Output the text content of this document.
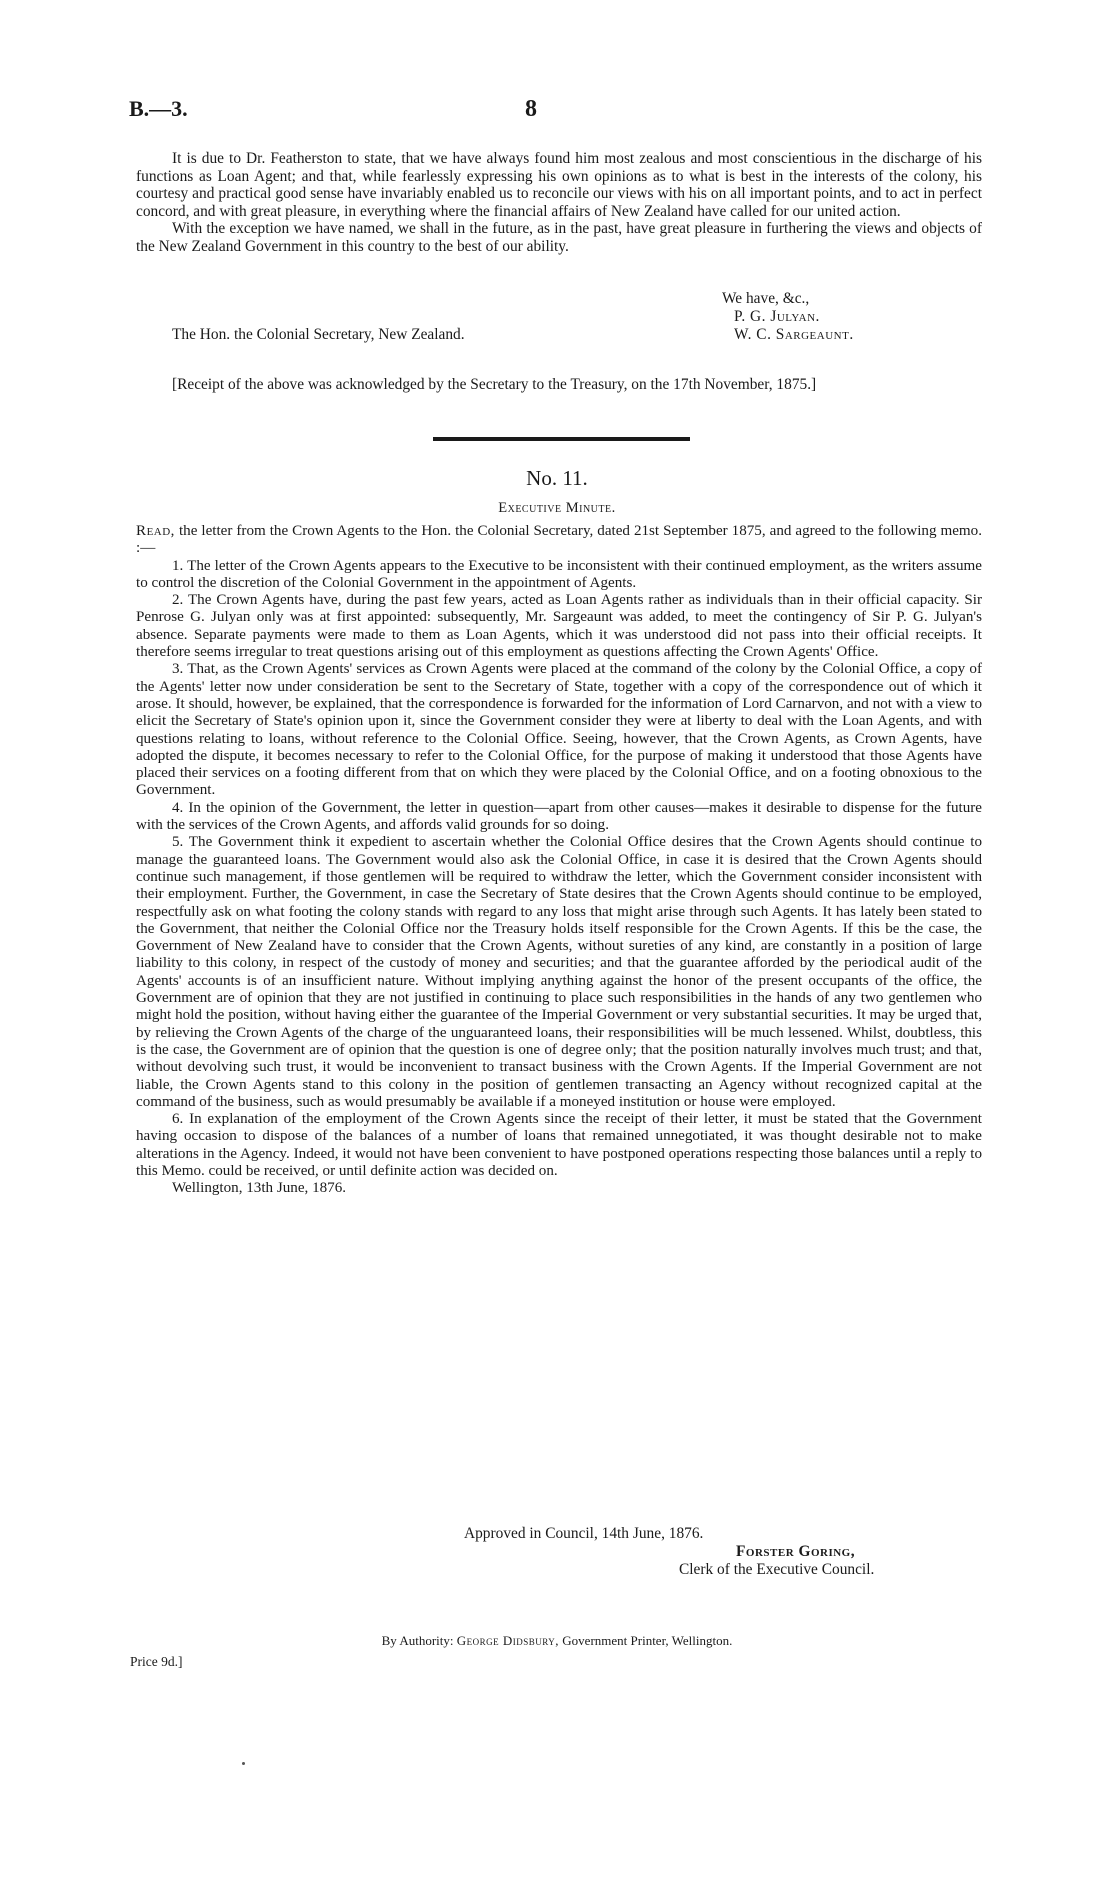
B.—3.	8

It is due to Dr. Featherston to state, that we have always found him most zealous and most conscientious in the discharge of his functions as Loan Agent; and that, while fearlessly expressing his own opinions as to what is best in the interests of the colony, his courtesy and practical good sense have invariably enabled us to reconcile our views with his on all important points, and to act in perfect concord, and with great pleasure, in everything where the financial affairs of New Zealand have called for our united action.

With the exception we have named, we shall in the future, as in the past, have great pleasure in furthering the views and objects of the New Zealand Government in this country to the best of our ability.

We have, &c.,
P. G. Julyan.
W. C. Sargeaunt.
The Hon. the Colonial Secretary, New Zealand.

[Receipt of the above was acknowledged by the Secretary to the Treasury, on the 17th November, 1875.]

No. 11.
Executive Minute.

Read, the letter from the Crown Agents to the Hon. the Colonial Secretary, dated 21st September 1875, and agreed to the following memo. :—

1. The letter of the Crown Agents appears to the Executive to be inconsistent with their continued employment, as the writers assume to control the discretion of the Colonial Government in the appointment of Agents.

2. The Crown Agents have, during the past few years, acted as Loan Agents rather as individuals than in their official capacity. Sir Penrose G. Julyan only was at first appointed: subsequently, Mr. Sargeaunt was added, to meet the contingency of Sir P. G. Julyan's absence. Separate payments were made to them as Loan Agents, which it was understood did not pass into their official receipts. It therefore seems irregular to treat questions arising out of this employment as questions affecting the Crown Agents' Office.

3. That, as the Crown Agents' services as Crown Agents were placed at the command of the colony by the Colonial Office, a copy of the Agents' letter now under consideration be sent to the Secretary of State, together with a copy of the correspondence out of which it arose. It should, however, be explained, that the correspondence is forwarded for the information of Lord Carnarvon, and not with a view to elicit the Secretary of State's opinion upon it, since the Government consider they were at liberty to deal with the Loan Agents, and with questions relating to loans, without reference to the Colonial Office. Seeing, however, that the Crown Agents, as Crown Agents, have adopted the dispute, it becomes necessary to refer to the Colonial Office, for the purpose of making it understood that those Agents have placed their services on a footing different from that on which they were placed by the Colonial Office, and on a footing obnoxious to the Government.

4. In the opinion of the Government, the letter in question—apart from other causes—makes it desirable to dispense for the future with the services of the Crown Agents, and affords valid grounds for so doing.

5. The Government think it expedient to ascertain whether the Colonial Office desires that the Crown Agents should continue to manage the guaranteed loans. The Government would also ask the Colonial Office, in case it is desired that the Crown Agents should continue such management, if those gentlemen will be required to withdraw the letter, which the Government consider inconsistent with their employment. Further, the Government, in case the Secretary of State desires that the Crown Agents should continue to be employed, respectfully ask on what footing the colony stands with regard to any loss that might arise through such Agents. It has lately been stated to the Government, that neither the Colonial Office nor the Treasury holds itself responsible for the Crown Agents. If this be the case, the Government of New Zealand have to consider that the Crown Agents, without sureties of any kind, are constantly in a position of large liability to this colony, in respect of the custody of money and securities; and that the guarantee afforded by the periodical audit of the Agents' accounts is of an insufficient nature. Without implying anything against the honor of the present occupants of the office, the Government are of opinion that they are not justified in continuing to place such responsibilities in the hands of any two gentlemen who might hold the position, without having either the guarantee of the Imperial Government or very substantial securities. It may be urged that, by relieving the Crown Agents of the charge of the unguaranteed loans, their responsibilities will be much lessened. Whilst, doubtless, this is the case, the Government are of opinion that the question is one of degree only; that the position naturally involves much trust; and that, without devolving such trust, it would be inconvenient to transact business with the Crown Agents. If the Imperial Government are not liable, the Crown Agents stand to this colony in the position of gentlemen transacting an Agency without recognized capital at the command of the business, such as would presumably be available if a moneyed institution or house were employed.

6. In explanation of the employment of the Crown Agents since the receipt of their letter, it must be stated that the Government having occasion to dispose of the balances of a number of loans that remained unnegotiated, it was thought desirable not to make alterations in the Agency. Indeed, it would not have been convenient to have postponed operations respecting those balances until a reply to this Memo. could be received, or until definite action was decided on.

Wellington, 13th June, 1876.

Approved in Council, 14th June, 1876.
Forster Goring,
Clerk of the Executive Council.
By Authority: George Didsbury, Government Printer, Wellington.
Price 9d.]
